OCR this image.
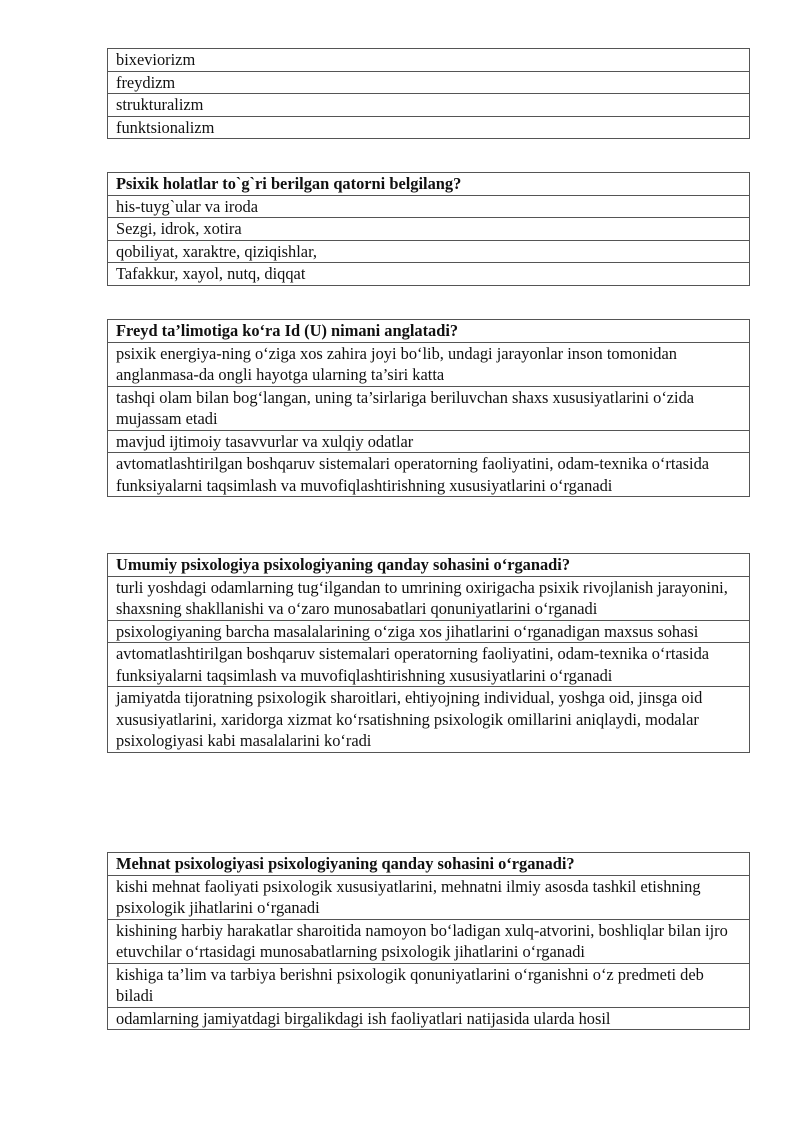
bixeviorizm
freydizm
strukturalizm
funktsionalizm
Psixik holatlar to`g`ri berilgan qatorni belgilang?
his-tuyg`ular va iroda
Sezgi, idrok, xotira
qobiliyat, xaraktre, qiziqishlar,
Tafakkur, xayol, nutq, diqqat
Freyd ta’limotiga ko‘ra Id (U) nimani anglatadi?
psixik energiya-ning o‘ziga xos zahira joyi bo‘lib, undagi jarayonlar inson tomonidan anglanmasa-da ongli hayotga ularning ta’siri katta
tashqi olam bilan bog‘langan, uning ta’sirlariga beriluvchan shaxs xususiyatlarini o‘zida mujassam etadi
mavjud ijtimoiy tasavvurlar va xulqiy odatlar
avtomatlashtirilgan boshqaruv sistemalari operatorning faoliyatini, odam-texnika o‘rtasida funksiyalarni taqsimlash va muvofiqlashtirishning xususiyatlarini o‘rganadi
Umumiy psixologiya psixologiyaning qanday sohasini o‘rganadi?
turli yoshdagi odamlarning tug‘ilgandan to umrining oxirigacha psixik rivojlanish jarayonini, shaxsning shakllanishi va o‘zaro munosabatlari qonuniyatlarini o‘rganadi
psixologiyaning barcha masalalarining o‘ziga xos jihatlarini o‘rganadigan maxsus sohasi
avtomatlashtirilgan boshqaruv sistemalari operatorning faoliyatini, odam-texnika o‘rtasida funksiyalarni taqsimlash va muvofiqlashtirishning xususiyatlarini o‘rganadi
jamiyatda tijoratning psixologik sharoitlari, ehtiyojning individual, yoshga oid, jinsga oid xususiyatlarini, xaridorga xizmat ko‘rsatishning psixologik omillarini aniqlaydi, modalar psixologiyasi kabi masalalarini ko‘radi
Mehnat psixologiyasi psixologiyaning qanday sohasini o‘rganadi?
kishi mehnat faoliyati psixologik xususiyatlarini, mehnatni ilmiy asosda tashkil etishning psixologik jihatlarini o‘rganadi
kishining harbiy harakatlar sharoitida namoyon bo‘ladigan xulq-atvorini, boshliqlar bilan ijro etuvchilar o‘rtasidagi munosabatlarning psixologik jihatlarini o‘rganadi
kishiga ta’lim va tarbiya berishni psixologik qonuniyatlarini o‘rganishni o‘z predmeti deb biladi
odamlarning jamiyatdagi birgalikdagi ish faoliyatlari natijasida ularda hosil
